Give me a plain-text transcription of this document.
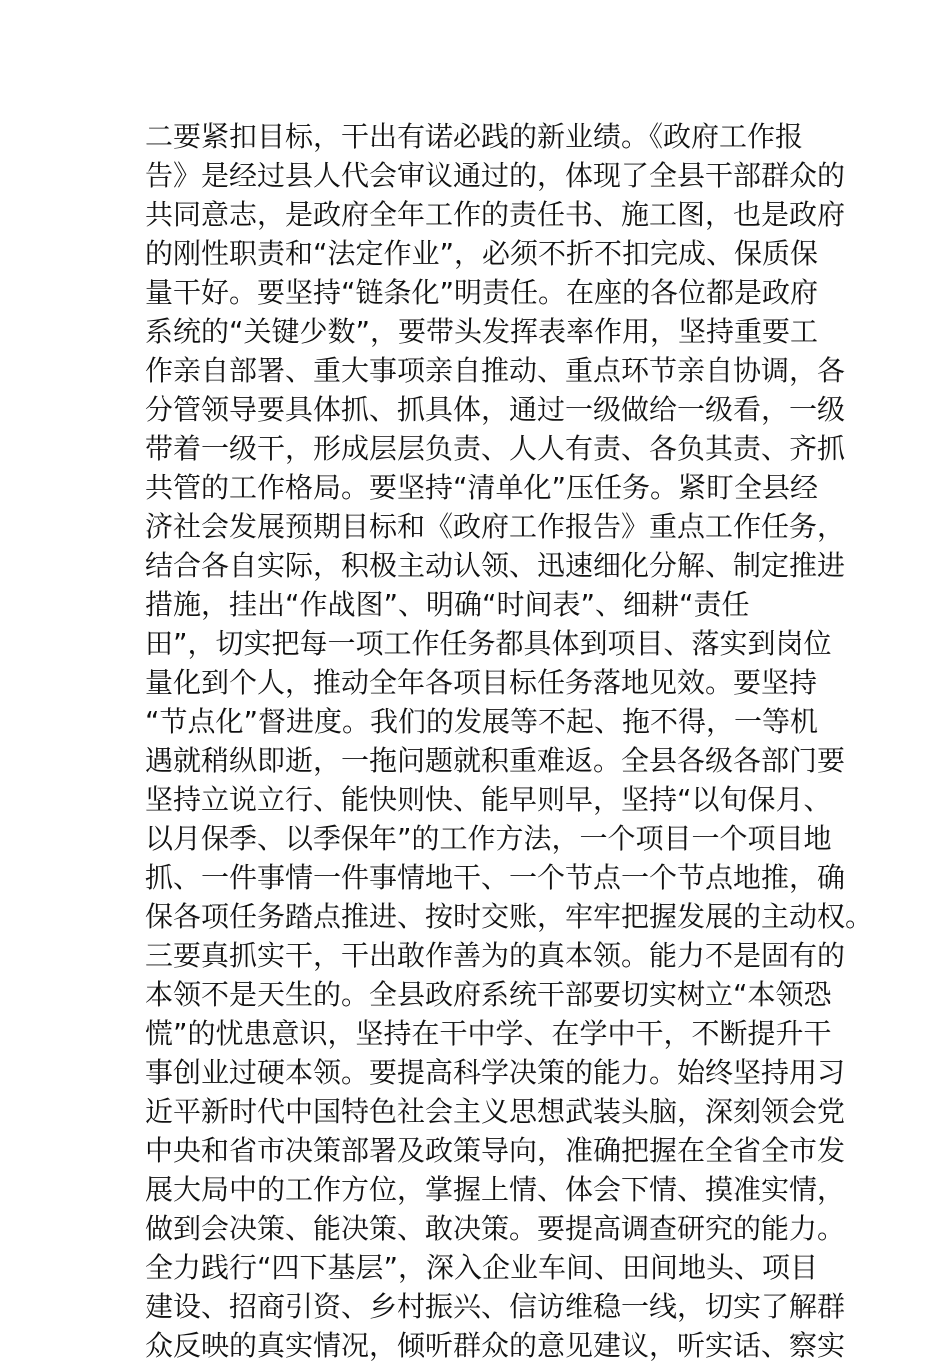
二要紧扣目标，干出有诺必践的新业绩。《政府工作报
告》是经过县人代会审议通过的，体现了全县干部群众的
共同意志，是政府全年工作的责任书、施工图，也是政府
的刚性职责和“法定作业”，必须不折不扣完成、保质保
量干好。要坚持“链条化”明责任。在座的各位都是政府
系统的“关键少数”，要带头发挥表率作用，坚持重要工
作亲自部署、重大事项亲自推动、重点环节亲自协调，各
分管领导要具体抓、抓具体，通过一级做给一级看，一级
带着一级干，形成层层负责、人人有责、各负其责、齐抓
共管的工作格局。要坚持“清单化”压任务。紧盯全县经
济社会发展预期目标和《政府工作报告》重点工作任务，
结合各自实际，积极主动认领、迅速细化分解、制定推进
措施，挂出“作战图”、明确“时间表”、细耕“责任
田”，切实把每一项工作任务都具体到项目、落实到岗位
量化到个人，推动全年各项目标任务落地见效。要坚持
“节点化”督进度。我们的发展等不起、拖不得，一等机
遇就稍纵即逝，一拖问题就积重难返。全县各级各部门要
坚持立说立行、能快则快、能早则早，坚持“以旬保月、
以月保季、以季保年”的工作方法，一个项目一个项目地
抓、一件事情一件事情地干、一个节点一个节点地推，确
保各项任务踏点推进、按时交账，牢牢把握发展的主动权。
三要真抓实干，干出敢作善为的真本领。能力不是固有的
本领不是天生的。全县政府系统干部要切实树立“本领恐
慌”的忧患意识，坚持在干中学、在学中干，不断提升干
事创业过硬本领。要提高科学决策的能力。始终坚持用习
近平新时代中国特色社会主义思想武装头脑，深刻领会党
中央和省市决策部署及政策导向，准确把握在全省全市发
展大局中的工作方位，掌握上情、体会下情、摸准实情，
做到会决策、能决策、敢决策。要提高调查研究的能力。
全力践行“四下基层”，深入企业车间、田间地头、项目
建设、招商引资、乡村振兴、信访维稳一线，切实了解群
众反映的真实情况，倾听群众的意见建议，听实话、察实
